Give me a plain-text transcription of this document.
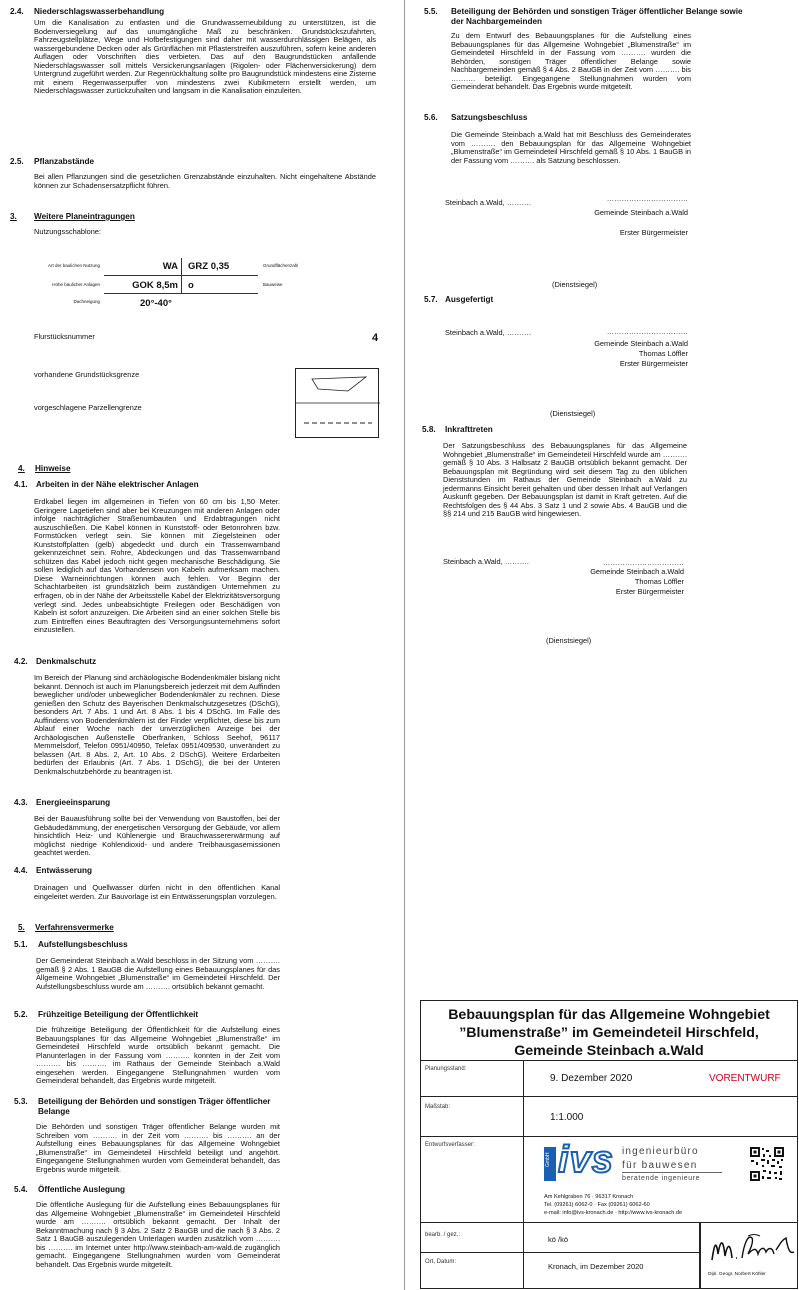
2.4. Niederschlagswasserbehandlung
Um die Kanalisation zu entlasten und die Grundwasserneubildung zu unterstützen, ist die Bodenversiegelung auf das unumgängliche Maß zu beschränken. Grundstückszufahrten, Fahrzeugstellplätze, Wege und Hofbefestigungen sind daher mit wasserdurchlässigen Belägen, als wassergebundene Decken oder als Grünflächen mit Pflasterstreifen auszuführen, sofern keine anderen Auflagen oder Vorschriften dies verbieten. Das auf den Baugrundstücken anfallende Niederschlagswasser soll mittels Versickerungsanlagen (Rigolen- oder Flächenversickerung) dem Untergrund zugeführt werden. Zur Regenrückhaltung sollte pro Baugrundstück mindestens eine Zisterne mit einem Regenwasserpuffer von mindestens zwei Kubikmetern erstellt werden, um Niederschlagswasser zurückzuhalten und langsam in die Kanalisation einzuleiten.
2.5. Pflanzabstände
Bei allen Pflanzungen sind die gesetzlichen Grenzabstände einzuhalten. Nicht eingehaltene Abstände können zur Schadensersatzpflicht führen.
3. Weitere Planeintragungen
Nutzungsschablone:
Art der baulichen Nutzung	WA GRZ 0,35	Grundflächenzahl
Höhe baulicher Anlagen	GOK 8,5m o	Bauweise
Dachneigung	20°-40°
Flurstücksnummer	4
vorhandene Grundstücksgrenze
vorgeschlagene Parzellengrenze
4. Hinweise
4.1. Arbeiten in der Nähe elektrischer Anlagen
Erdkabel liegen im allgemeinen in Tiefen von 60 cm bis 1,50 Meter. Geringere Lagetiefen sind aber bei Kreuzungen mit anderen Anlagen oder infolge nachträglicher Straßenumbauten und Erdabtragungen nicht auszuschließen. Die Kabel können in Kunststoff- oder Betonrohren bzw. Formstücken verlegt sein. Sie können mit Ziegelsteinen oder Kunststoffplatten (gelb) abgedeckt und durch ein Trassenwarnband gekennzeichnet sein. Rohre, Abdeckungen und das Trassenwarnband schützen das Kabel jedoch nicht gegen mechanische Beschädigung. Sie sollen lediglich auf das Vorhandensein von Kabeln aufmerksam machen. Diese Warneinrichtungen können auch fehlen. Vor Beginn der Schachtarbeiten ist grundsätzlich beim zuständigen Unternehmen zu erfragen, ob in der Nähe der Arbeitsstelle Kabel der Elektrizitätsversorgung verlegt sind. Jedes unbeabsichtigte Freilegen oder Beschädigen von Kabeln ist sofort anzuzeigen. Die Arbeiten sind an einer solchen Stelle bis zum Eintreffen eines Beauftragten des Versorgungsunternehmens sofort einzustellen.
4.2. Denkmalschutz
Im Bereich der Planung sind archäologische Bodendenkmäler bislang nicht bekannt. Dennoch ist auch im Planungsbereich jederzeit mit dem Auffinden beweglicher und/oder unbeweglicher Bodendenkmäler zu rechnen. Diese genießen den Schutz des Bayerischen Denkmalschutzgesetzes (DSchG), besonders Art. 7 Abs. 1 und Art. 8 Abs. 1 bis 4 DSchG. Im Falle des Auffindens von Bodendenkmälern ist der Finder verpflichtet, diese bis zum Ablauf einer Woche nach der unverzüglichen Anzeige bei der Archäologischen Außenstelle Oberfranken, Schloss Seehof, 96117 Memmelsdorf, Telefon 0951/40950, Telefax 0951/409530, unverändert zu belassen (Art. 8 Abs. 2, Art. 10 Abs. 2 DSchG). Weitere Erdarbeiten bedürfen der Erlaubnis (Art. 7 Abs. 1 DSchG), die bei der Unteren Denkmalschutzbehörde zu beantragen ist.
4.3. Energieeinsparung
Bei der Bauausführung sollte bei der Verwendung von Baustoffen, bei der Gebäudedämmung, der energetischen Versorgung der Gebäude, vor allem hinsichtlich Heiz- und Kühlenergie und Brauchwassererwärmung auf möglichst niedrige Kohlendioxid- und andere Treibhausgasemissionen geachtet werden.
4.4. Entwässerung
Drainagen und Quellwasser dürfen nicht in den öffentlichen Kanal eingeleitet werden. Zur Bauvorlage ist ein Entwässerungsplan vorzulegen.
5. Verfahrensvermerke
5.1. Aufstellungsbeschluss
Der Gemeinderat Steinbach a.Wald beschloss in der Sitzung vom ………. gemäß § 2 Abs. 1 BauGB die Aufstellung eines Bebauungsplanes für das Allgemeine Wohngebiet „Blumenstraße“ im Gemeindeteil Hirschfeld. Der Aufstellungsbeschluss wurde am ………. ortsüblich bekannt gemacht.
5.2. Frühzeitige Beteiligung der Öffentlichkeit
Die frühzeitige Beteiligung der Öffentlichkeit für die Aufstellung eines Bebauungsplanes für das Allgemeine Wohngebiet „Blumenstraße“ im Gemeindeteil Hirschfeld wurde ortsüblich bekannt gemacht. Die Planunterlagen in der Fassung vom ………. konnten in der Zeit vom ………. bis ………. im Rathaus der Gemeinde Steinbach a.Wald eingesehen werden. Eingegangene Stellungnahmen wurden vom Gemeinderat behandelt, das Ergebnis wurde mitgeteilt.
5.3. Beteiligung der Behörden und sonstigen Träger öffentlicher Belange
Die Behörden und sonstigen Träger öffentlicher Belange wurden mit Schreiben vom ………. in der Zeit vom ………. bis ………. an der Aufstellung eines Bebauungsplanes für das Allgemeine Wohngebiet „Blumenstraße“ im Gemeindeteil Hirschfeld beteiligt und angehört. Eingegangene Stellungnahmen wurden vom Gemeinderat behandelt, das Ergebnis wurde mitgeteilt.
5.4. Öffentliche Auslegung
Die öffentliche Auslegung für die Aufstellung eines Bebauungsplanes für das Allgemeine Wohngebiet „Blumenstraße“ im Gemeindeteil Hirschfeld wurde am ………. ortsüblich bekannt gemacht. Der Inhalt der Bekanntmachung nach § 3 Abs. 2 Satz 2 BauGB und die nach § 3 Abs. 2 Satz 1 BauGB auszulegenden Unterlagen wurden zusätzlich vom ………. bis ………. im Internet unter http://www.steinbach-am-wald.de zugänglich gemacht. Eingegangene Stellungnahmen wurden vom Gemeinderat behandelt. Das Ergebnis wurde mitgeteilt.
5.5. Beteiligung der Behörden und sonstigen Träger öffentlicher Belange sowie der Nachbargemeinden
Zu dem Entwurf des Bebauungsplanes für die Aufstellung eines Bebauungsplanes für das Allgemeine Wohngebiet „Blumenstraße“ im Gemeindeteil Hirschfeld in der Fassung vom ………. wurden die Behörden, sonstigen Träger öffentlicher Belange sowie Nachbargemeinden gemäß § 4 Abs. 2 BauGB in der Zeit vom ………. bis ………. beteiligt. Eingegangene Stellungnahmen wurden vom Gemeinderat behandelt. Das Ergebnis wurde mitgeteilt.
5.6. Satzungsbeschluss
Die Gemeinde Steinbach a.Wald hat mit Beschluss des Gemeinderates vom ………. den Bebauungsplan für das Allgemeine Wohngebiet „Blumenstraße“ im Gemeindeteil Hirschfeld gemäß § 10 Abs. 1 BauGB in der Fassung vom ………. als Satzung beschlossen.
Steinbach a.Wald, ……….	……………………………
Gemeinde Steinbach a.Wald
Erster Bürgermeister
(Dienstsiegel)
5.7. Ausgefertigt
Steinbach a.Wald, ……….	……………………………
Gemeinde Steinbach a.Wald
Thomas Löffler
Erster Bürgermeister
(Dienstsiegel)
5.8. Inkrafttreten
Der Satzungsbeschluss des Bebauungsplanes für das Allgemeine Wohngebiet „Blumenstraße“ im Gemeindeteil Hirschfeld wurde am ………. gemäß § 10 Abs. 3 Halbsatz 2 BauGB ortsüblich bekannt gemacht. Der Bebauungsplan mit Begründung wird seit diesem Tag zu den üblichen Dienststunden im Rathaus der Gemeinde Steinbach a.Wald zu jedermanns Einsicht bereit gehalten und über dessen Inhalt auf Verlangen Auskunft gegeben. Der Bebauungsplan ist damit in Kraft getreten. Auf die Rechtsfolgen des § 44 Abs. 3 Satz 1 und 2 sowie Abs. 4 BauGB und die §§ 214 und 215 BauGB wird hingewiesen.
Steinbach a.Wald, ……….	……………………………
Gemeinde Steinbach a.Wald
Thomas Löffler
Erster Bürgermeister
(Dienstsiegel)
Bebauungsplan für das Allgemeine Wohngebiet
”Blumenstraße” im Gemeindeteil Hirschfeld,
Gemeinde Steinbach a.Wald
Planungsstand:
9. Dezember 2020	VORENTWURF
Maßstab:
1:1.000
Entwurfsverfasser:
GmbH ivs ingenieurbüro
für bauwesen
beratende ingenieure
Am Kehlgraben 76 · 96317 Kronach
Tel. (09261) 6062-0 · Fax (09261) 6062-60
e-mail: info@ivs-kronach.de · http://www.ivs-kronach.de
bearb. / gez.:	kö /kö
Ort, Datum:	Kronach, im Dezember 2020
Dipl. Geogr. Norbert Köhler
